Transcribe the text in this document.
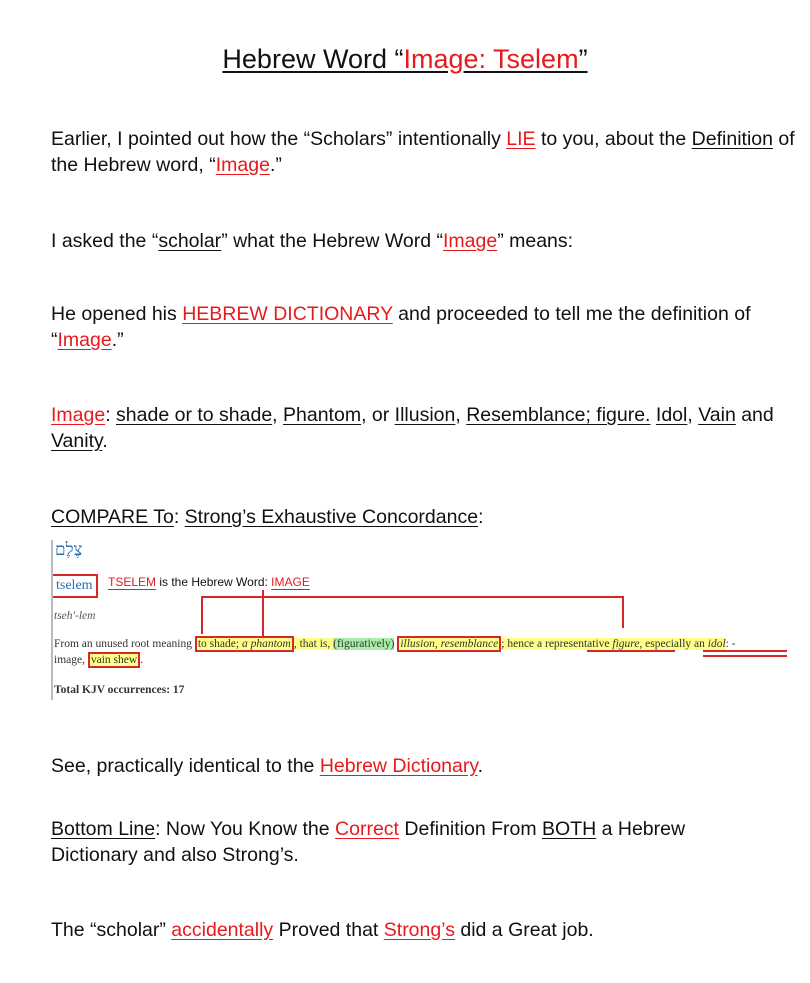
Hebrew Word “Image: Tselem”
Earlier, I pointed out how the “Scholars” intentionally LIE to you, about the Definition of the Hebrew word, “Image.”
I asked the “scholar” what the Hebrew Word “Image” means:
He opened his HEBREW DICTIONARY and proceeded to tell me the definition of “Image.”
Image: shade or to shade, Phantom, or Illusion, Resemblance; figure. Idol, Vain and Vanity.
COMPARE To: Strong’s Exhaustive Concordance:
צֶלֶם
tselem	TSELEM is the Hebrew Word: IMAGE
tseh'-lem
From an unused root meaning to shade; a phantom , that is, (figuratively) illusion, resemblance ; hence a representative figure, especially an idol: -
image, vain shew .
Total KJV occurrences: 17
See, practically identical to the Hebrew Dictionary.
Bottom Line: Now You Know the Correct Definition From BOTH a Hebrew Dictionary and also Strong’s.
The “scholar” accidentally Proved that Strong’s did a Great job.
